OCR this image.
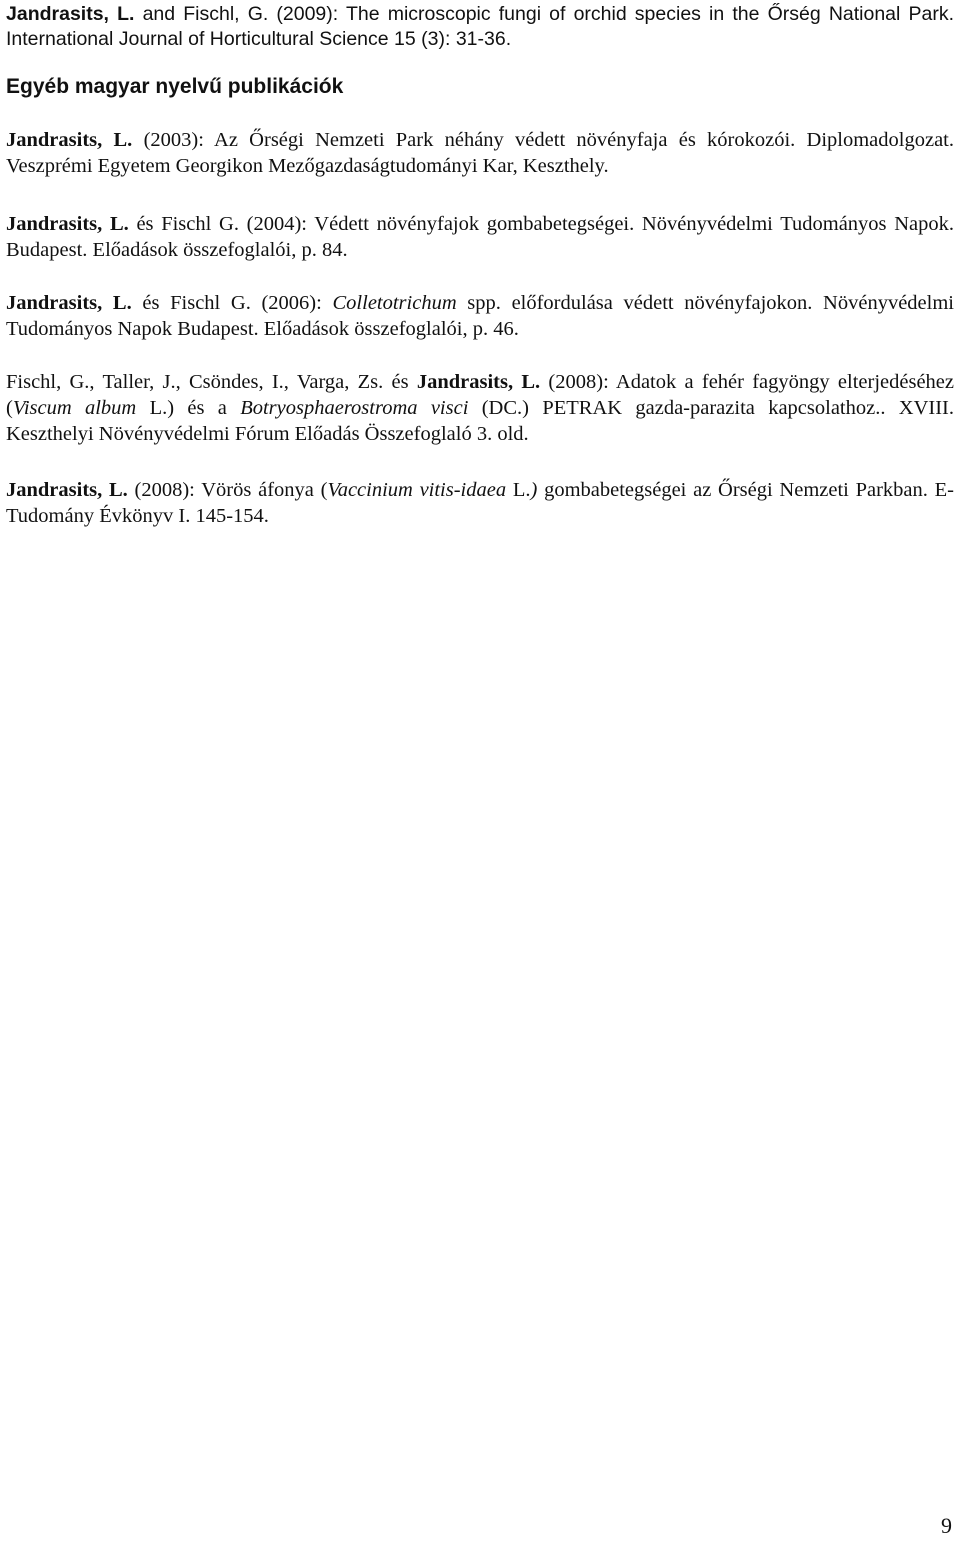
Jandrasits, L. and Fischl, G. (2009): The microscopic fungi of orchid species in the Őrség National Park. International Journal of Horticultural Science 15 (3): 31-36.

Egyéb magyar nyelvű publikációk

Jandrasits, L. (2003): Az Őrségi Nemzeti Park néhány védett növényfaja és kórokozói. Diplomadolgozat. Veszprémi Egyetem Georgikon Mezőgazdaságtudományi Kar, Keszthely.

Jandrasits, L. és Fischl G. (2004): Védett növényfajok gombabetegségei. Növényvédelmi Tudományos Napok. Budapest. Előadások összefoglalói, p. 84.

Jandrasits, L. és Fischl G. (2006): Colletotrichum spp. előfordulása védett növényfajokon. Növényvédelmi Tudományos Napok Budapest. Előadások összefoglalói, p. 46.

Fischl, G., Taller, J., Csöndes, I., Varga, Zs. és Jandrasits, L. (2008): Adatok a fehér fagyöngy elterjedéséhez (Viscum album L.) és a Botryosphaerostroma visci (DC.) PETRAK gazda-parazita kapcsolathoz.. XVIII. Keszthelyi Növényvédelmi Fórum Előadás Összefoglaló 3. old.

Jandrasits, L. (2008): Vörös áfonya (Vaccinium vitis-idaea L.) gombabetegségei az Őrségi Nemzeti Parkban. E-Tudomány Évkönyv I. 145-154.

9
